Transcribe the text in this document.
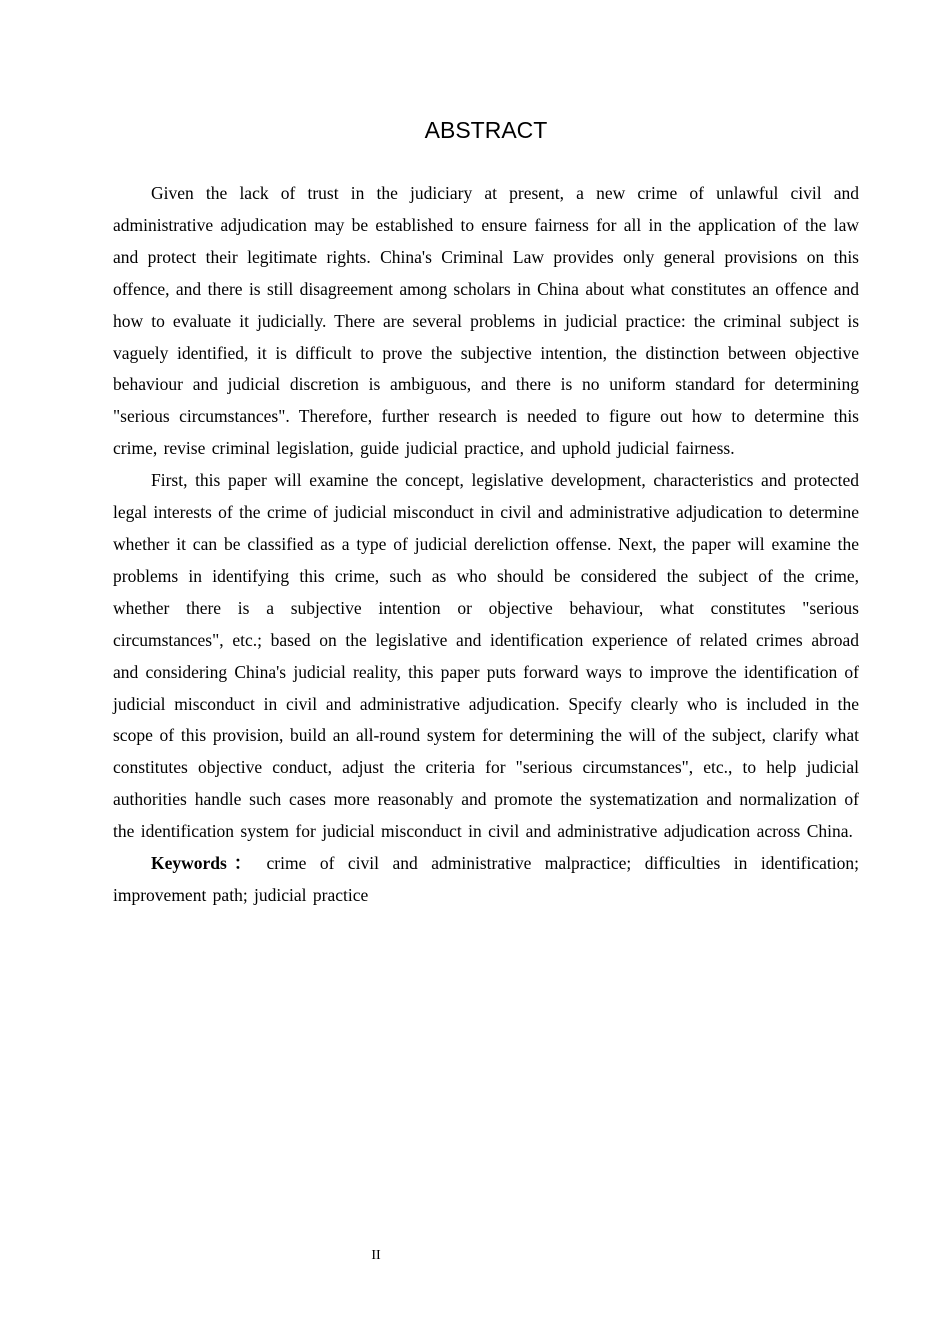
ABSTRACT

Given the lack of trust in the judiciary at present, a new crime of unlawful civil and administrative adjudication may be established to ensure fairness for all in the application of the law and protect their legitimate rights. China's Criminal Law provides only general provisions on this offence, and there is still disagreement among scholars in China about what constitutes an offence and how to evaluate it judicially. There are several problems in judicial practice: the criminal subject is vaguely identified, it is difficult to prove the subjective intention, the distinction between objective behaviour and judicial discretion is ambiguous, and there is no uniform standard for determining "serious circumstances". Therefore, further research is needed to figure out how to determine this crime, revise criminal legislation, guide judicial practice, and uphold judicial fairness.

First, this paper will examine the concept, legislative development, characteristics and protected legal interests of the crime of judicial misconduct in civil and administrative adjudication to determine whether it can be classified as a type of judicial dereliction offense. Next, the paper will examine the problems in identifying this crime, such as who should be considered the subject of the crime, whether there is a subjective intention or objective behaviour, what constitutes "serious circumstances", etc.; based on the legislative and identification experience of related crimes abroad and considering China's judicial reality, this paper puts forward ways to improve the identification of judicial misconduct in civil and administrative adjudication. Specify clearly who is included in the scope of this provision, build an all-round system for determining the will of the subject, clarify what constitutes objective conduct, adjust the criteria for "serious circumstances", etc., to help judicial authorities handle such cases more reasonably and promote the systematization and normalization of the identification system for judicial misconduct in civil and administrative adjudication across China.

Keywords： crime of civil and administrative malpractice; difficulties in identification; improvement path; judicial practice

II
